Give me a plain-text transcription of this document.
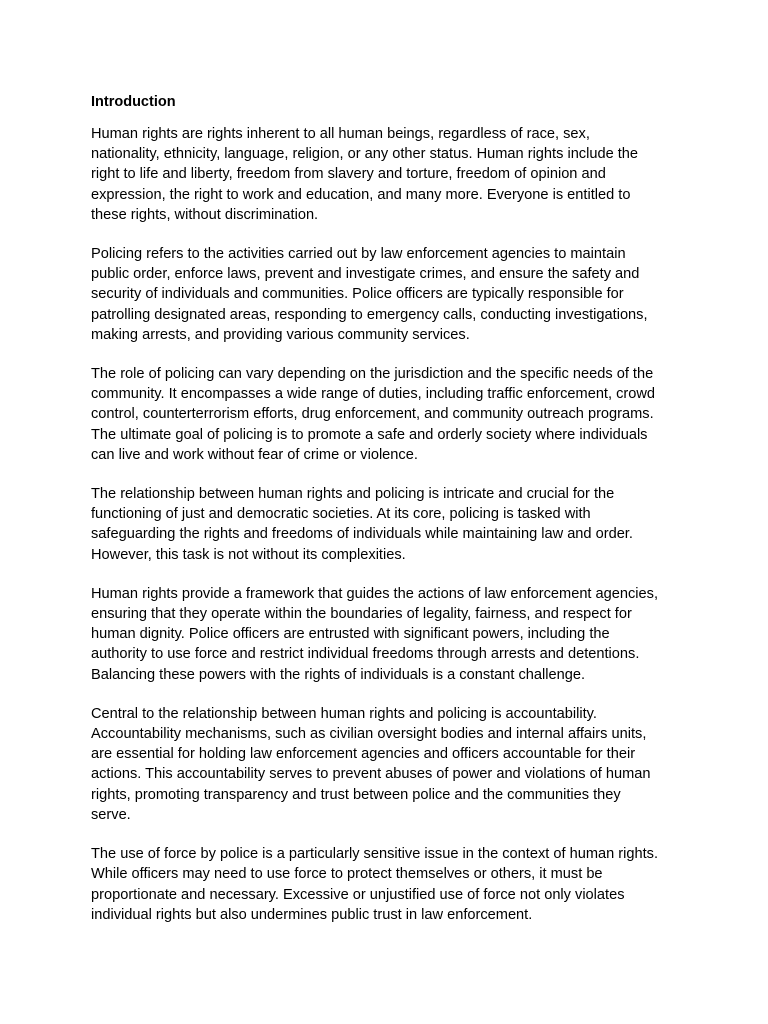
Introduction

Human rights are rights inherent to all human beings, regardless of race, sex,
nationality, ethnicity, language, religion, or any other status. Human rights include the
right to life and liberty, freedom from slavery and torture, freedom of opinion and
expression, the right to work and education, and many more. Everyone is entitled to
these rights, without discrimination.

Policing refers to the activities carried out by law enforcement agencies to maintain
public order, enforce laws, prevent and investigate crimes, and ensure the safety and
security of individuals and communities. Police officers are typically responsible for
patrolling designated areas, responding to emergency calls, conducting investigations,
making arrests, and providing various community services.

The role of policing can vary depending on the jurisdiction and the specific needs of the
community. It encompasses a wide range of duties, including traffic enforcement, crowd
control, counterterrorism efforts, drug enforcement, and community outreach programs.
The ultimate goal of policing is to promote a safe and orderly society where individuals
can live and work without fear of crime or violence.

The relationship between human rights and policing is intricate and crucial for the
functioning of just and democratic societies. At its core, policing is tasked with
safeguarding the rights and freedoms of individuals while maintaining law and order.
However, this task is not without its complexities.

Human rights provide a framework that guides the actions of law enforcement agencies,
ensuring that they operate within the boundaries of legality, fairness, and respect for
human dignity. Police officers are entrusted with significant powers, including the
authority to use force and restrict individual freedoms through arrests and detentions.
Balancing these powers with the rights of individuals is a constant challenge.

Central to the relationship between human rights and policing is accountability.
Accountability mechanisms, such as civilian oversight bodies and internal affairs units,
are essential for holding law enforcement agencies and officers accountable for their
actions. This accountability serves to prevent abuses of power and violations of human
rights, promoting transparency and trust between police and the communities they
serve.

The use of force by police is a particularly sensitive issue in the context of human rights.
While officers may need to use force to protect themselves or others, it must be
proportionate and necessary. Excessive or unjustified use of force not only violates
individual rights but also undermines public trust in law enforcement.
